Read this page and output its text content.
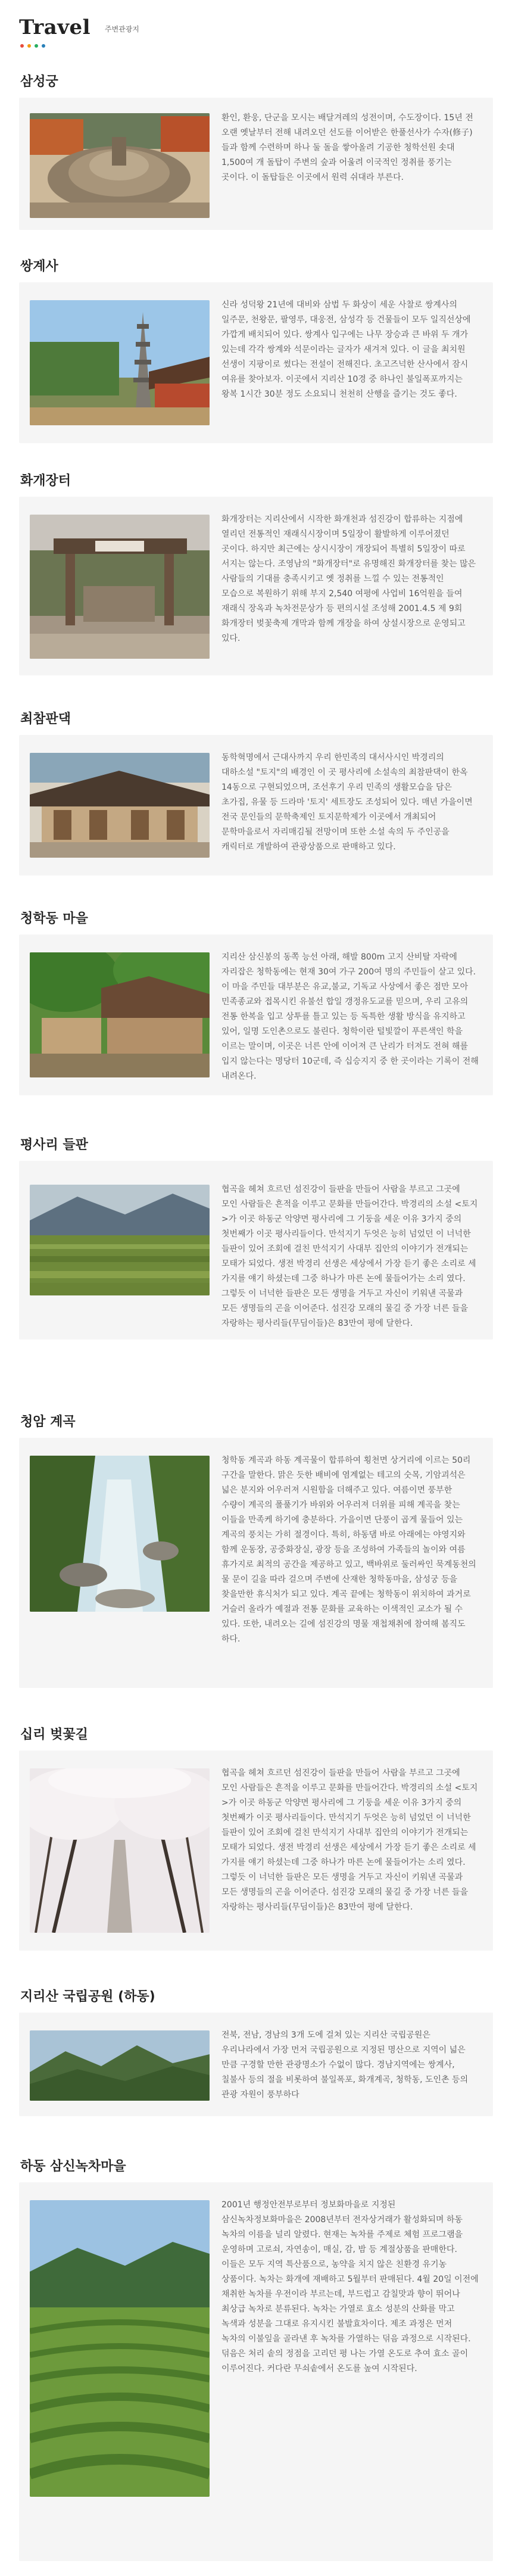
Travel 주변관광지
삼성궁
환인, 환웅, 단군을 모시는 배달겨레의 성전이며, 수도장이다. 15년 전 오랜 옛날부터 전해 내려오던 선도를 이어받은 한풀선사가 수자(修子)들과 함께 수련하며 하나 둘 돌을 쌓아올려 기공한 청학선원 솟대 1,500여 개 돌탑이 주변의 숲과 어울려 이국적인 정취를 풍기는 곳이다. 이 돌탑들은 이곳에서 원력 쉬대라 부른다.
쌍계사
신라 성덕왕 21년에 대비와 삼법 두 화상이 세운 사찰로 쌍계사의 일주문, 천왕문, 팔영루, 대웅전, 삼성각 등 건물들이 모두 일직선상에 가깝게 배치되어 있다. 쌍계사 입구에는 나무 장승과 큰 바위 두 개가 있는데 각각 쌍계와 석문이라는 글자가 새겨져 있다. 이 글을 최치원 선생이 지팡이로 썼다는 전설이 전해진다. 초고즈넉한 산사에서 잠시 여유를 찾아보자. 이곳에서 지리산 10경 중 하나인 불일폭포까지는 왕복 1시간 30분 정도 소요되니 천천히 산행을 즐기는 것도 좋다.
화개장터
화개장터는 지리산에서 시작한 화개천과 섬진강이 합류하는 지점에 열리던 전통적인 재래식시장이며 5일장이 활발하게 이루어졌던 곳이다. 하지만 최근에는 상시시장이 개장되어 특별히 5일장이 따로 서지는 않는다. 조영남의 "화개장터"로 유명해진 화개장터를 찾는 많은 사람들의 기대를 충족시키고 옛 정취를 느낄 수 있는 전통적인 모습으로 복원하기 위해 부지 2,540 여평에 사업비 16억원을 들여 재래식 장옥과 녹차전문상가 등 편의시설 조성해 2001.4.5 제 9회 화개장터 벚꽃축제 개막과 함께 개장을 하여 상설시장으로 운영되고 있다.
최참판댁
동학혁명에서 근대사까지 우리 한민족의 대서사시인 박경리의 대하소설 "토지"의 배경인 이 곳 평사리에 소설속의 최참판댁이 한옥 14동으로 구현되었으며, 조선후기 우리 민족의 생활모습을 담은 초가집, 유물 등 드라마 '토지' 세트장도 조성되어 있다. 매년 가을이면 전국 문인들의 문학축제인 토지문학제가 이곳에서 개최되어 문학마을로서 자리매김될 전망이며 또한 소설 속의 두 주인공을 캐릭터로 개발하여 관광상품으로 판매하고 있다.
청학동 마을
지리산 삼신봉의 동쪽 능선 아래, 해발 800m 고지 산비탈 자락에 자리잡은 청학동에는 현재 30여 가구 200여 명의 주민들이 살고 있다. 이 마을 주민들 대부분은 유교,불교, 기독교 사상에서 좋은 점만 모아 민족종교와 접목시킨 유불선 합일 갱정유도교를 믿으며, 우리 고유의 전통 한복을 입고 상투를 틀고 있는 등 독특한 생활 방식을 유지하고 있어, 일명 도인촌으로도 불린다. 청학이란 털빛깔이 푸른색인 학을 이르는 말이며, 이곳은 너른 안에 이어져 큰 난리가 터져도 전혀 해를 입지 않는다는 명당터 10군데, 즉 십승지지 중 한 곳이라는 기록이 전해 내려온다.
평사리 들판
협곡을 헤쳐 흐르던 섬진강이 들판을 만들어 사람을 부르고 그곳에 모인 사람들은 흔적을 이루고 문화를 만들어간다. 박경리의 소설 <토지>가 이곳 하동군 악양면 평사리에 그 기둥을 세운 이유 3가지 중의 첫번째가 이곳 평사리들이다. 만석지기 두엇은 능히 넘었던 이 너넉한 들판이 있어 조회에 걸친 만석지기 사대부 집안의 이야기가 전개되는 모태가 되었다. 생전 박경리 선생은 세상에서 가장 듣기 좋은 소리로 세 가지를 얘기 하셨는데 그중 하나가 마른 논에 물들어가는 소리 였다. 그렇듯 이 너넉한 들판은 모든 생명을 거두고 자신이 키워낸 곡물과 모든 생명들의 곤을 이어준다. 섬진강 모래의 물길 중 가장 너른 들을 자랑하는 평사리들(무딤이들)은 83만여 평에 달한다.
청암 계곡
청학동 계곡과 하동 계곡물이 합류하여 횡천면 상거리에 이르는 50리 구간을 말한다. 맑은 듯한 배비에 염계없는 테고의 숫목, 기암괴석은 넓은 분지와 어우러져 시원함을 더해주고 있다. 여름이면 풍부한 수량이 계곡의 폴풀기가 바위와 어우러져 더위를 피해 계곡을 찾는 이들을 만족케 하기에 충분하다. 가을이면 단풍이 곱게 물들어 있는 계곡의 풍치는 가히 절경이다. 특히, 하동댐 바로 아래에는 야영지와 함께 운동장, 공중화장실, 광장 등을 조성하여 가족들의 놀이와 여름 휴가지로 최적의 공간을 제공하고 있고, 백바위로 둘러싸인 묵계동천의 물 문이 길을 따라 걸으며 주변에 산재한 청학동마을, 삼성궁 등을 찾을만한 휴식처가 되고 있다. 계곡 끝에는 청학동이 위치하여 과거로 거슬러 올라가 예절과 전통 문화를 교육하는 이색적인 교소가 될 수 있다. 또한, 내려오는 길에 섬진강의 명물 재첩채취에 참여해 봄직도 하다.
십리 벚꽃길
협곡을 헤쳐 흐르던 섬진강이 들판을 만들어 사람을 부르고 그곳에 모인 사람들은 흔적을 이루고 문화를 만들어간다. 박경리의 소설 <토지>가 이곳 하동군 악양면 평사리에 그 기둥을 세운 이유 3가지 중의 첫번째가 이곳 평사리들이다. 만석지기 두엇은 능히 넘었던 이 너넉한 들판이 있어 조회에 걸친 만석지기 사대부 집안의 이야기가 전개되는 모태가 되었다. 생전 박경리 선생은 세상에서 가장 듣기 좋은 소리로 세 가지를 얘기 하셨는데 그중 하나가 마른 논에 물들어가는 소리 였다. 그렇듯 이 너넉한 들판은 모든 생명을 거두고 자신이 키워낸 곡물과 모든 생명들의 곤을 이어준다. 섬진강 모래의 물길 중 가장 너른 들을 자랑하는 평사리들(무딤이들)은 83만여 평에 달한다.
지리산 국립공원 (하동)
전북, 전남, 경남의 3개 도에 걸쳐 있는 지리산 국립공원은 우리나라에서 가장 먼저 국립공원으로 지정된 명산으로 지역이 넓은 만큼 구경할 만한 관광명소가 수없이 많다. 경남지역에는 쌍계사, 칠불사 등의 절을 비롯하여 불일폭포, 화개계곡, 청학동, 도인촌 등의 관광 자원이 풍부하다
하동 삼신녹차마을
2001년 행정안전부로부터 정보화마을로 지정된 삼신녹차정보화마을은 2008년부터 전자상거래가 활성화되며 하동 녹차의 이름을 널리 알렸다. 현재는 녹차를 주제로 체험 프로그램을 운영하며 고로쇠, 자연송이, 매실, 감, 밤 등 계절상품을 판매한다. 이들은 모두 지역 특산품으로, 농약을 치지 않은 친환경 유기농 상품이다. 녹차는 화개에 재배하고 5월부터 판매된다. 4월 20일 이전에 채취한 녹차를 우전이라 부르는데, 부드럽고 감칠맛과 향이 뛰어나 최상급 녹차로 분류된다. 녹차는 가열로 효소 성분의 산화를 막고 녹색과 성분을 그대로 유지시킨 불발효차이다. 제조 과정은 먼저 녹차의 이불잎을 골라낸 후 녹차를 가열하는 덖음 과정으로 시작된다. 덖음은 처리 솥의 정점을 고리던 평 나는 가열 온도로 추여 효소 골이 이루어진다. 커다란 무쇠솥에서 온도를 높여 시작된다.
